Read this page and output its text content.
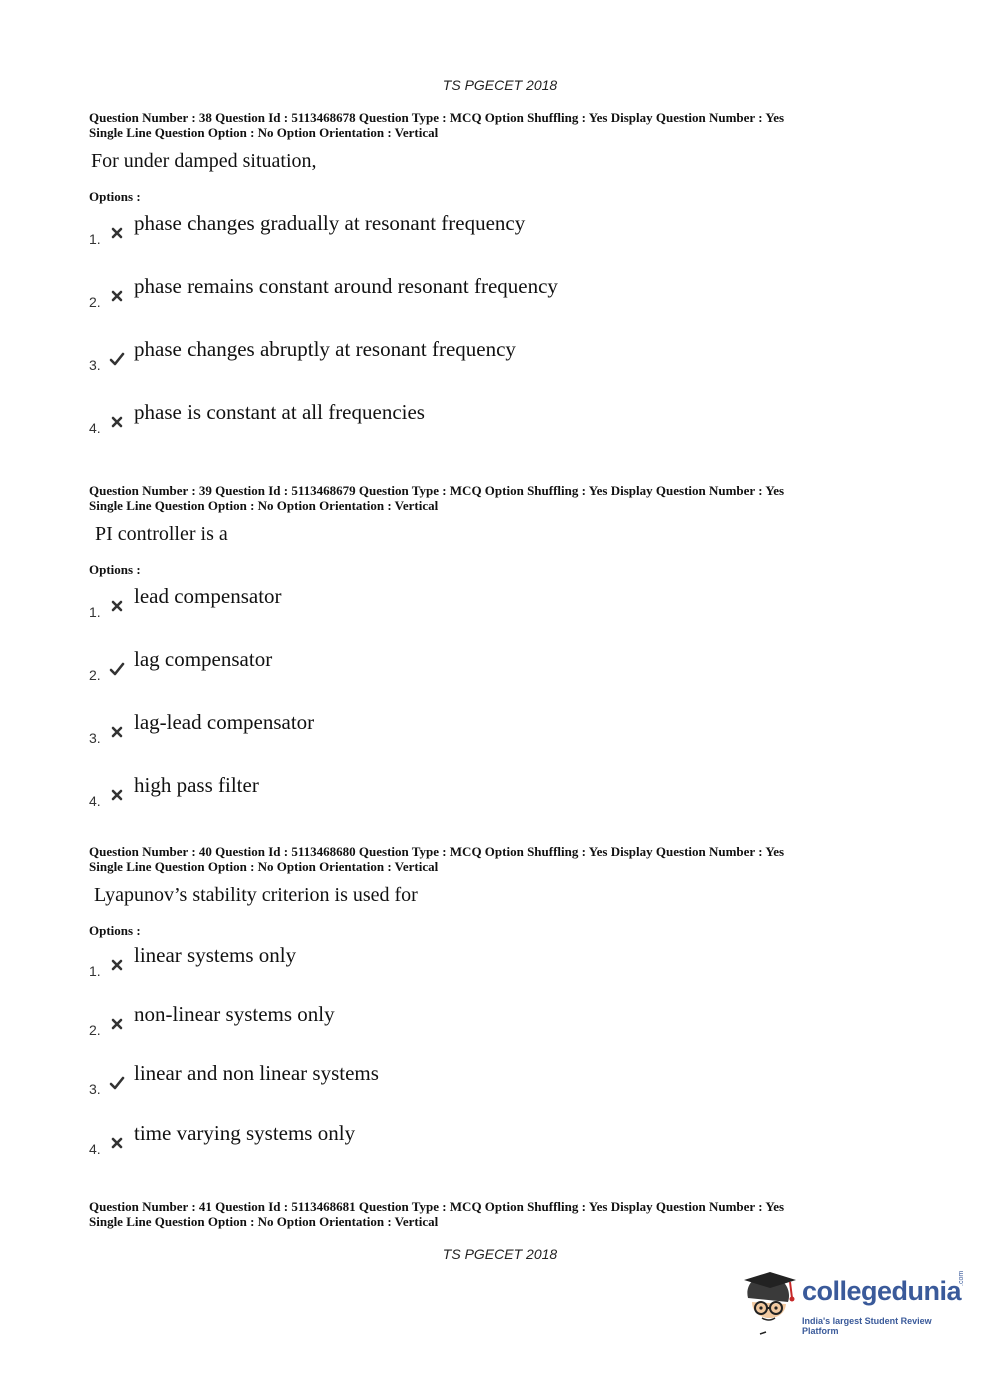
TS PGECET 2018
Question Number : 38 Question Id : 5113468678 Question Type : MCQ Option Shuffling : Yes Display Question Number : Yes
Single Line Question Option : No Option Orientation : Vertical
For under damped situation,
Options :
1.
phase changes gradually at resonant frequency
2.
phase remains constant around resonant frequency
3.
phase changes abruptly at resonant frequency
4.
phase is constant at all frequencies
Question Number : 39 Question Id : 5113468679 Question Type : MCQ Option Shuffling : Yes Display Question Number : Yes
Single Line Question Option : No Option Orientation : Vertical
PI controller is a
Options :
1.
lead compensator
2.
lag compensator
3.
lag-lead compensator
4.
high pass filter
Question Number : 40 Question Id : 5113468680 Question Type : MCQ Option Shuffling : Yes Display Question Number : Yes
Single Line Question Option : No Option Orientation : Vertical
Lyapunov’s stability criterion is used for
Options :
1.
linear systems only
2.
non-linear systems only
3.
linear and non linear systems
4.
time varying systems only
Question Number : 41 Question Id : 5113468681 Question Type : MCQ Option Shuffling : Yes Display Question Number : Yes
Single Line Question Option : No Option Orientation : Vertical
TS PGECET 2018
collegedunia
.com
India's largest Student Review Platform
